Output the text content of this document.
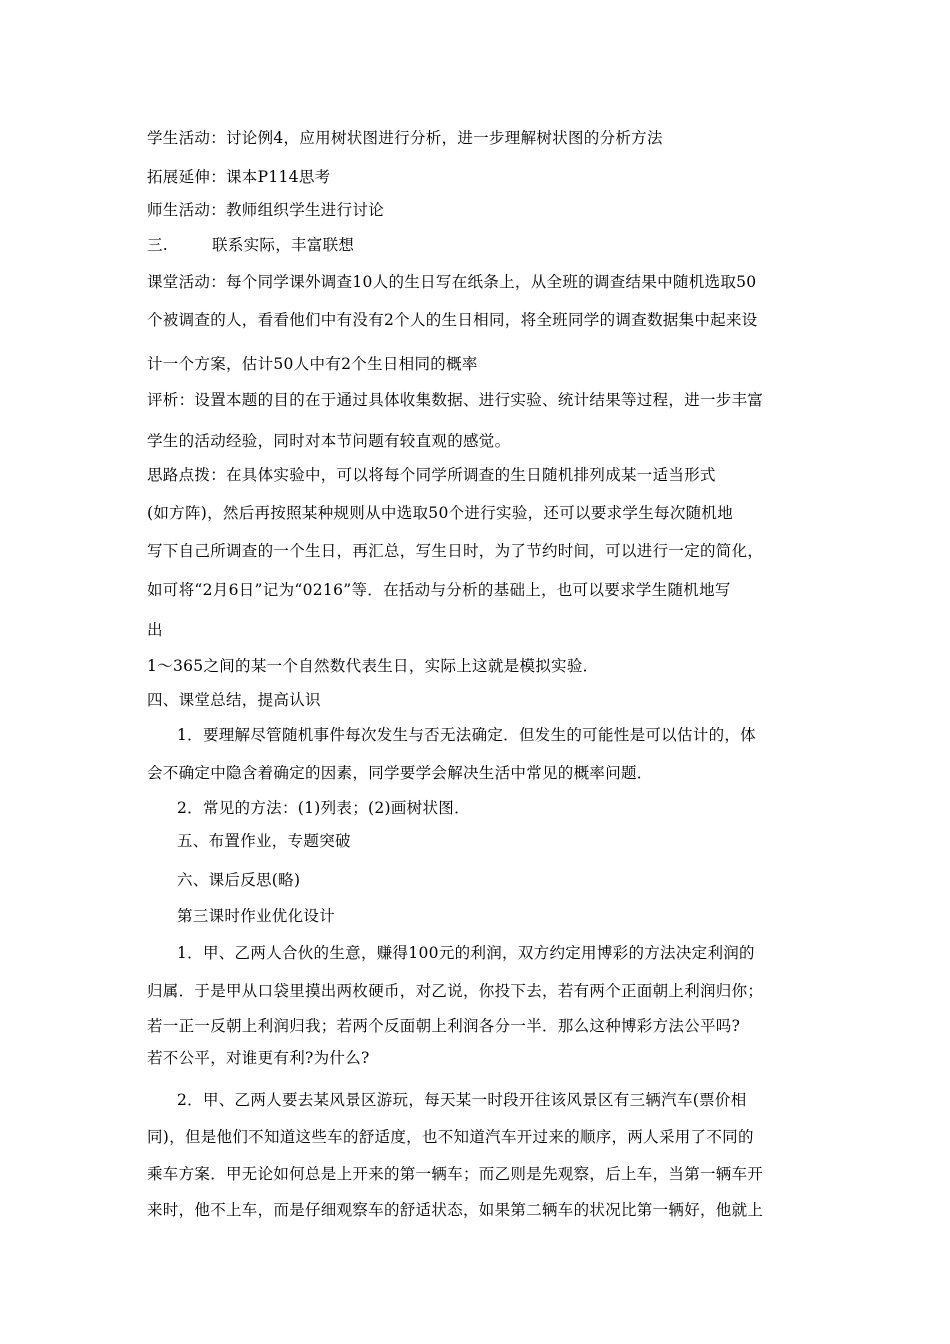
学生活动：讨论例4，应用树状图进行分析，进一步理解树状图的分析方法
拓展延伸：课本P114思考
师生活动：教师组织学生进行讨论
三.	联系实际，丰富联想
课堂活动：每个同学课外调查10人的生日写在纸条上，从全班的调查结果中随机选取50
个被调查的人，看看他们中有没有2个人的生日相同，将全班同学的调查数据集中起来设
计一个方案，估计50人中有2个生日相同的概率
评析：设置本题的目的在于通过具体收集数据、进行实验、统计结果等过程，进一步丰富
学生的活动经验，同时对本节问题有较直观的感觉。
思路点拨：在具体实验中，可以将每个同学所调查的生日随机排列成某一适当形式
(如方阵)，然后再按照某种规则从中选取50个进行实验，还可以要求学生每次随机地
写下自己所调查的一个生日，再汇总，写生日时，为了节约时间，可以进行一定的简化，
如可将“2月6日”记为“0216”等．在括动与分析的基础上，也可以要求学生随机地写
出
1～365之间的某一个自然数代表生日，实际上这就是模拟实验．
四、课堂总结，提高认识
1．要理解尽管随机事件每次发生与否无法确定．但发生的可能性是可以估计的，体
会不确定中隐含着确定的因素，同学要学会解决生活中常见的概率问题．
2．常见的方法：(1)列表；(2)画树状图．
五、布置作业，专题突破
六、课后反思(略)
第三课时作业优化设计
1．甲、乙两人合伙的生意，赚得100元的利润，双方约定用博彩的方法决定利润的
归属．于是甲从口袋里摸出两枚硬币，对乙说，你投下去，若有两个正面朝上利润归你；
若一正一反朝上利润归我；若两个反面朝上利润各分一半．那么这种博彩方法公平吗?
若不公平，对谁更有利?为什么?
2．甲、乙两人要去某风景区游玩，每天某一时段开往该风景区有三辆汽车(票价相
同)，但是他们不知道这些车的舒适度，也不知道汽车开过来的顺序，两人采用了不同的
乘车方案．甲无论如何总是上开来的第一辆车；而乙则是先观察，后上车，当第一辆车开
来时，他不上车，而是仔细观察车的舒适状态，如果第二辆车的状况比第一辆好，他就上
